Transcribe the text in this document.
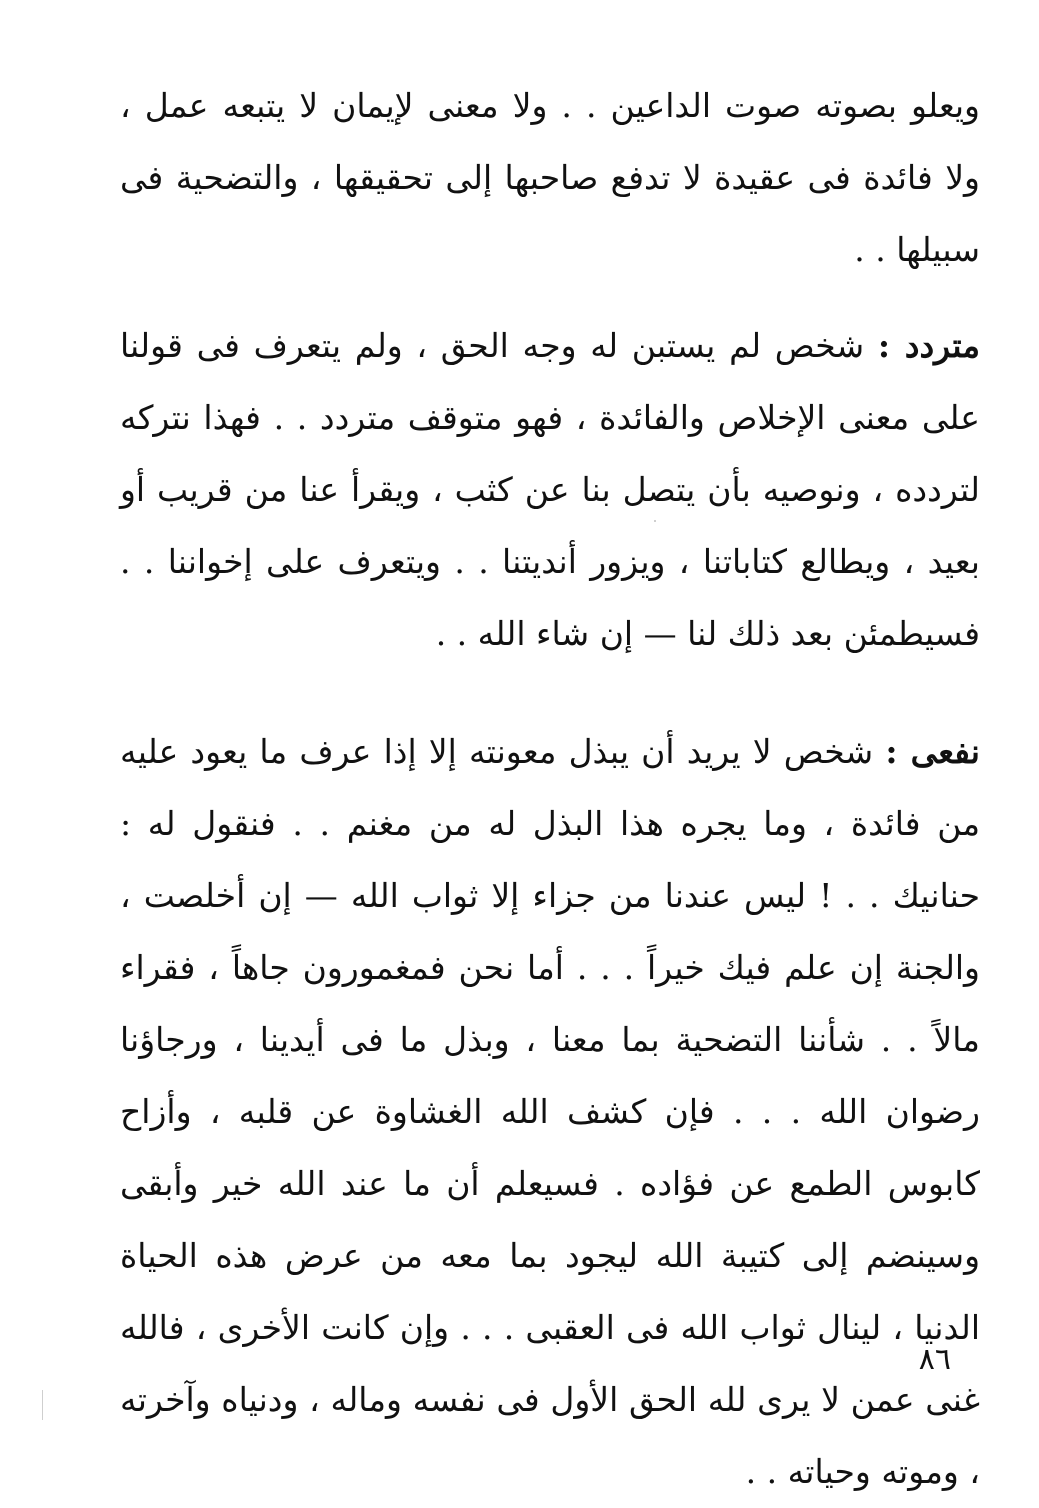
ويعلو بصوته صوت الداعين . . ولا معنى لإيمان لا يتبعه عمل ، ولا فائدة فى عقيدة لا تدفع صاحبها إلى تحقيقها ، والتضحية فى سبيلها . .

متردد : شخص لم يستبن له وجه الحق ، ولم يتعرف فى قولنا على معنى الإخلاص والفائدة ، فهو متوقف متردد . . فهذا نتركه لتردده ، ونوصيه بأن يتصل بنا عن كثب ، ويقرأ عنا من قريب أو بعيد ، ويطالع كتاباتنا ، ويزور أنديتنا . . ويتعرف على إخواننا . . فسيطمئن بعد ذلك لنا — إن شاء الله . .

نفعى : شخص لا يريد أن يبذل معونته إلا إذا عرف ما يعود عليه من فائدة ، وما يجره هذا البذل له من مغنم . . فنقول له : حنانيك . . ! ليس عندنا من جزاء إلا ثواب الله — إن أخلصت ، والجنة إن علم فيك خيراً . . . أما نحن فمغمورون جاهاً ، فقراء مالاً . . شأننا التضحية بما معنا ، وبذل ما فى أيدينا ، ورجاؤنا رضوان الله . . . فإن كشف الله الغشاوة عن قلبه ، وأزاح كابوس الطمع عن فؤاده . فسيعلم أن ما عند الله خير وأبقى وسينضم إلى كتيبة الله ليجود بما معه من عرض هذه الحياة الدنيا ، لينال ثواب الله فى العقبى . . . وإن كانت الأخرى ، فالله غنى عمن لا يرى لله الحق الأول فى نفسه وماله ، ودنياه وآخرته ، وموته وحياته . .

٨٦
